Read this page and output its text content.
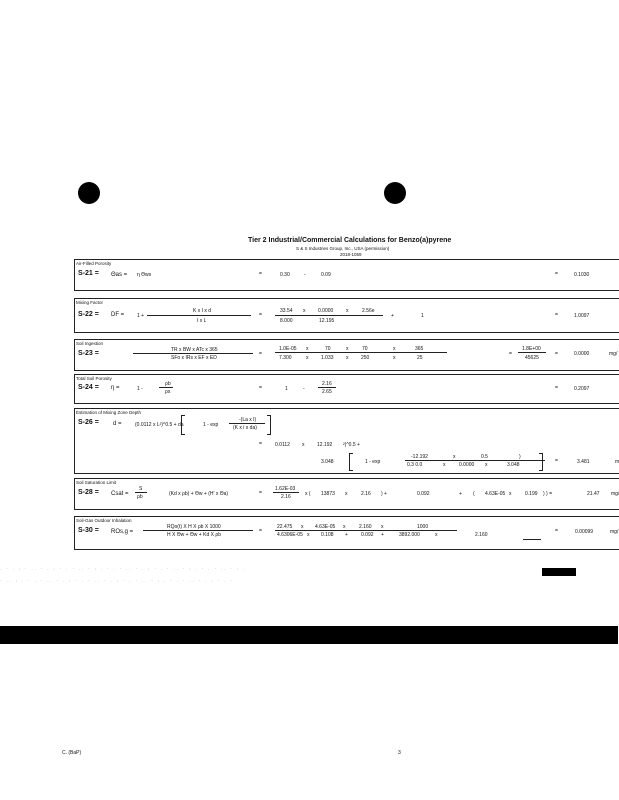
Tier 2 Industrial/Commercial Calculations for Benzo(a)pyrene
S & S Industries Group, Inc., USA (permission)
2018-1059
Air-Filled Porosity
S-21 = Θas = η Θws	=	0.30	-	0.09	=	0.1030
Mixing Factor
S-22 = DF =	1 +
K x I x d
I x L
=
33.54 x	0.0000	x	2.56e
8.000	12.195
+	1	=	1.0097
Soil Ingestion
S-23 =	TR x BW x ATc x 365
SFo x IRs x EF x ED
=
1.0E-05 x	70	x	70	x	365
7.300	x	1.033 x	250	x	25
=
1.8E+00
45625
=	0.0000	mg/
Total Soil Porosity
S-24 = η =	1 -
ρb
ρs
=	1	-
2.16
2.65
=	0.2097
Estimation of Mixing Zone Depth
S-26 = d =	(0.0112 x L²)^0.5 + da	1 - exp
-(La x I)
(K x i x da)
=	0.0112 x	12.192 ²)^0.5 +
3.048	1 - exp
-12.192	x	0.5	)
0.3 0.0	x	0.0000 x	3.048
=	3.481	m
Soil Saturation Limit
S-28 = Csat =
S
ρb	(Kd x ρb) + Θw + (H' x Θa)	=
1.62E-03
2.16	x ( 13873 x	2.16 ) +	0.092	+ ( 4.63E-05 x	0.199 ) ) =	21.47 mg/
Soil-Gas Outdoor Inhalation
S-30 = ROs,g =
RQo(t) X H X ρb X 1000
H X Θw + Θw + Kd X ρb
=
22.475 x 4.63E-05 x	2.160 x	1000
4.6306E-05 x 0.108 +	0.092 +	3892.000	x	2.160
=	0.00099	mg/
. · . : · .. · . : · . · .. · : . · . · .. · . : · . · .. · : . · . · .. · : .
· .. : . · . · .. · . : · . · .. · . : · . · .. · : . · . · .. · . : · . ·
C. (BaP)	3
